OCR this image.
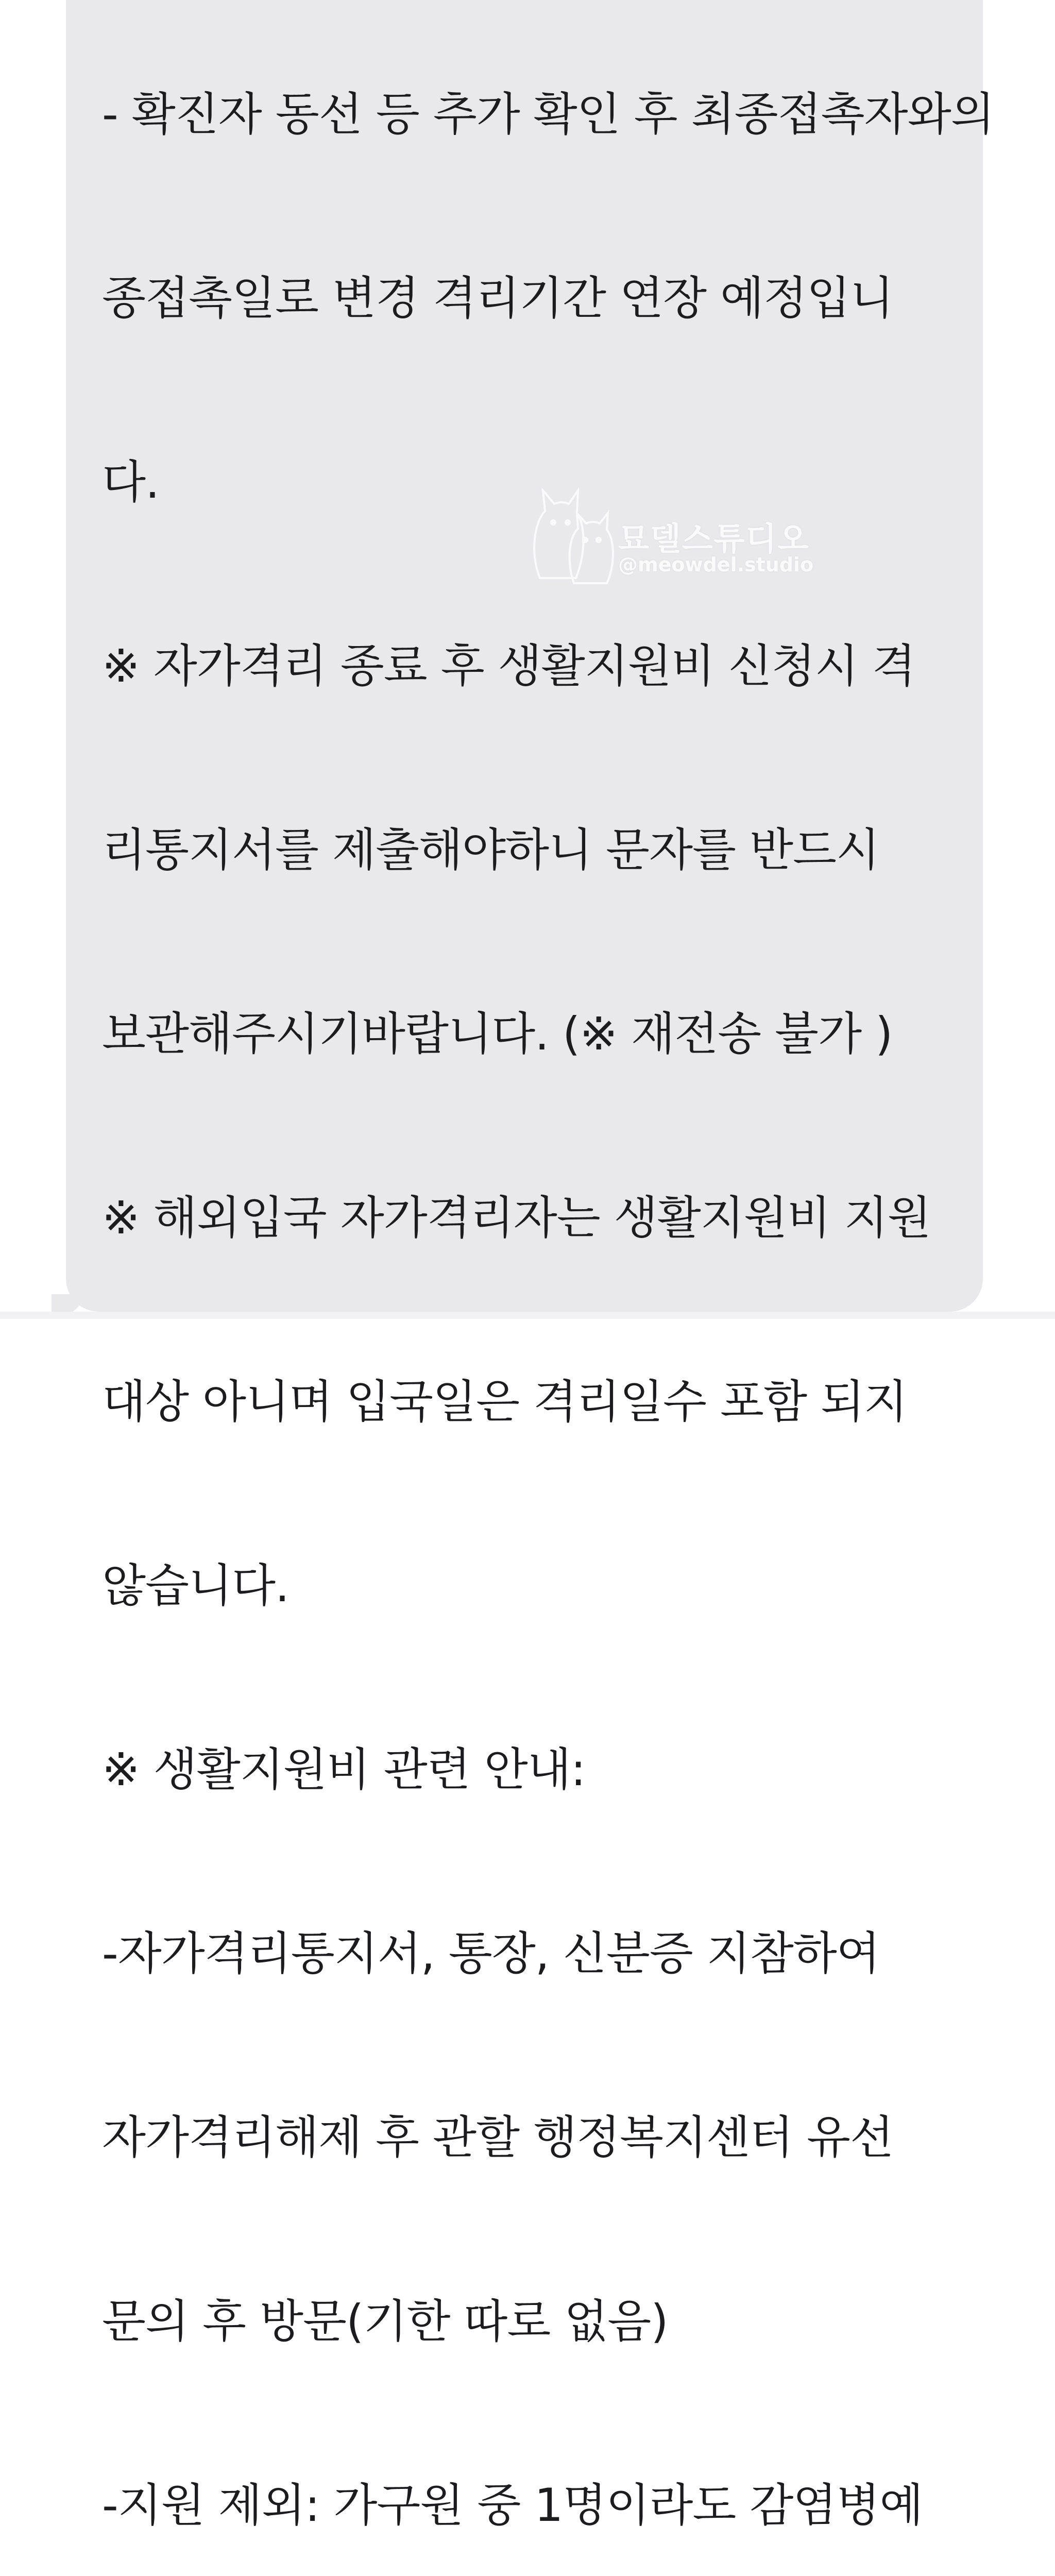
- 확진자 동선 등 추가 확인 후 최종접촉자와의

종접촉일로 변경 격리기간 연장 예정입니

다.

※ 자가격리 종료 후 생활지원비 신청시 격

리통지서를 제출해야하니 문자를 반드시

보관해주시기바랍니다. (※ 재전송 불가 )

※ 해외입국 자가격리자는 생활지원비 지원

대상 아니며 입국일은 격리일수 포함 되지

않습니다.

※ 생활지원비 관련 안내:

-자가격리통지서, 통장, 신분증 지참하여

자가격리해제 후 관할 행정복지센터 유선

문의 후 방문(기한 따로 없음)

-지원 제외: 가구원 중 1명이라도 감염병예

묘델스튜디오
@meowdel.studio
